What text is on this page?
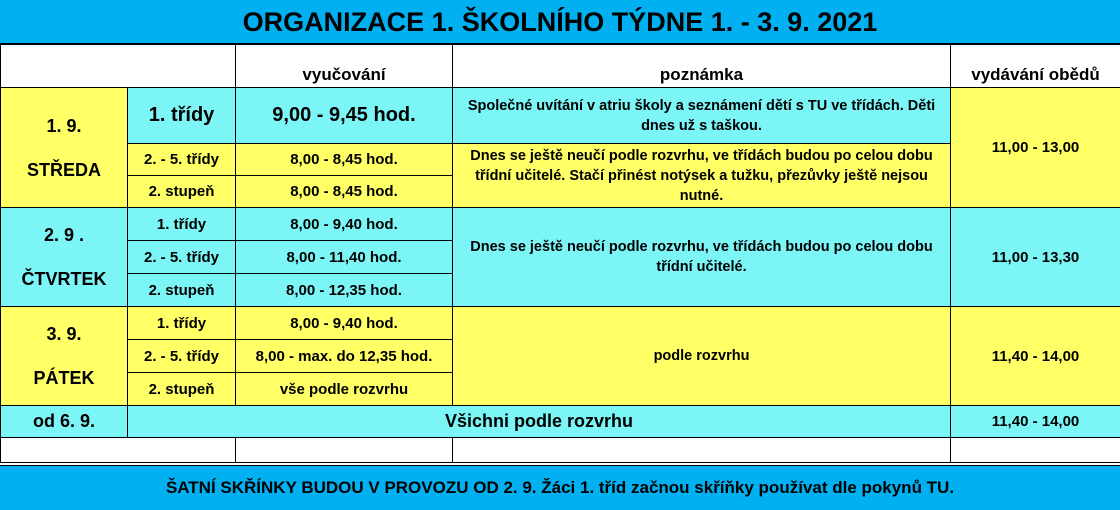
ORGANIZACE 1. ŠKOLNÍHO TÝDNE 1. - 3. 9. 2021
		vyučování	poznámka	vydávání obědů

1. 9.
STŘEDA	1. třídy	9,00 - 9,45 hod.	Společné uvítání v atriu školy a seznámení dětí s TU ve třídách. Děti dnes už s taškou.	11,00 - 13,00
	2. - 5. třídy	8,00 - 8,45 hod.	Dnes se ještě neučí podle rozvrhu, ve třídách budou po celou dobu třídní učitelé. Stačí přinést notýsek a tužku, přezůvky ještě nejsou nutné.	
	2. stupeň	8,00 - 8,45 hod.		

2. 9 .
ČTVRTEK	1. třídy	8,00 - 9,40 hod.	Dnes se ještě neučí podle rozvrhu, ve třídách budou po celou dobu třídní učitelé.	11,00 - 13,30
	2. - 5. třídy	8,00 - 11,40 hod.		
	2. stupeň	8,00 - 12,35 hod.		

3. 9.
PÁTEK	1. třídy	8,00 - 9,40 hod.	podle rozvrhu	11,40 - 14,00
	2. - 5. třídy	8,00 - max. do 12,35 hod.		
	2. stupeň	vše podle rozvrhu		
od 6. 9.	Všichni podle rozvrhu			11,40 - 14,00

ŠATNÍ SKŘÍNKY BUDOU V PROVOZU OD 2. 9. Žáci 1. tříd začnou skříňky používat dle pokynů TU.
